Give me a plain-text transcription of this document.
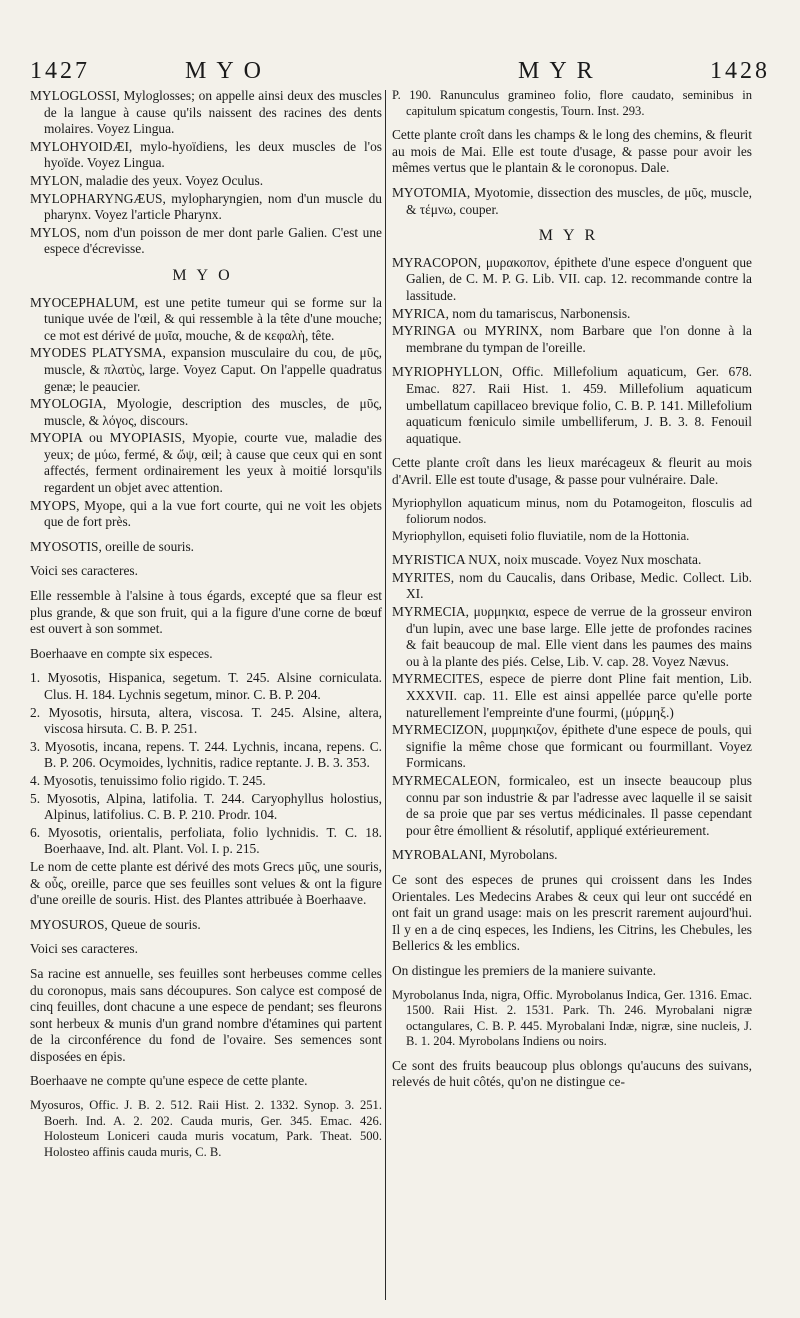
1427	MYO	MYR	1428

MYLOGLOSSI, Myloglosses; on appelle ainsi deux des muscles de la langue à cause qu'ils naissent des racines des dents molaires. Voyez Lingua.

MYLOHYOIDÆI, mylo-hyoïdiens, les deux muscles de l'os hyoïde. Voyez Lingua.

MYLON, maladie des yeux. Voyez Oculus.

MYLOPHARYNGÆUS, mylopharyngien, nom d'un muscle du pharynx. Voyez l'article Pharynx.

MYLOS, nom d'un poisson de mer dont parle Galien. C'est une espece d'écrevisse.

MYO

MYOCEPHALUM, est une petite tumeur qui se forme sur la tunique uvée de l'œil, & qui ressemble à la tête d'une mouche; ce mot est dérivé de μυῖα, mouche, & de κεφαλὴ, tête.

MYODES PLATYSMA, expansion musculaire du cou, de μῦς, muscle, & πλατὺς, large. Voyez Caput. On l'appelle quadratus genæ; le peaucier.

MYOLOGIA, Myologie, description des muscles, de μῦς, muscle, & λόγος, discours.

MYOPIA ou MYOPIASIS, Myopie, courte vue, maladie des yeux; de μύω, fermé, & ὤψ, œil; à cause que ceux qui en sont affectés, ferment ordinairement les yeux à moitié lorsqu'ils regardent un objet avec attention.

MYOPS, Myope, qui a la vue fort courte, qui ne voit les objets que de fort près.

MYOSOTIS, oreille de souris.

Voici ses caracteres.

Elle ressemble à l'alsine à tous égards, excepté que sa fleur est plus grande, & que son fruit, qui a la figure d'une corne de bœuf est ouvert à son sommet.

Boerhaave en compte six especes.

1. Myosotis, Hispanica, segetum. T. 245. Alsine corniculata. Clus. H. 184. Lychnis segetum, minor. C. B. P. 204.

2. Myosotis, hirsuta, altera, viscosa. T. 245. Alsine, altera, viscosa hirsuta. C. B. P. 251.

3. Myosotis, incana, repens. T. 244. Lychnis, incana, repens. C. B. P. 206. Ocymoides, lychnitis, radice reptante. J. B. 3. 353.

4. Myosotis, tenuissimo folio rigido. T. 245.

5. Myosotis, Alpina, latifolia. T. 244. Caryophyllus holostius, Alpinus, latifolius. C. B. P. 210. Prodr. 104.

6. Myosotis, orientalis, perfoliata, folio lychnidis. T. C. 18. Boerhaave, Ind. alt. Plant. Vol. I. p. 215.

Le nom de cette plante est dérivé des mots Grecs μῦς, une souris, & οὖς, oreille, parce que ses feuilles sont velues & ont la figure d'une oreille de souris. Hist. des Plantes attribuée à Boerhaave.

MYOSUROS, Queue de souris.

Voici ses caracteres.

Sa racine est annuelle, ses feuilles sont herbeuses comme celles du coronopus, mais sans découpures. Son calyce est composé de cinq feuilles, dont chacune a une espece de pendant; ses fleurons sont herbeux & munis d'un grand nombre d'étamines qui partent de la circonférence du fond de l'ovaire. Ses semences sont disposées en épis.

Boerhaave ne compte qu'une espece de cette plante.

Myosuros, Offic. J. B. 2. 512. Raii Hist. 2. 1332. Synop. 3. 251. Boerh. Ind. A. 2. 202. Cauda muris, Ger. 345. Emac. 426. Holosteum Loniceri cauda muris vocatum, Park. Theat. 500. Holosteo affinis cauda muris, C. B.

P. 190. Ranunculus gramineo folio, flore caudato, seminibus in capitulum spicatum congestis, Tourn. Inst. 293.

Cette plante croît dans les champs & le long des chemins, & fleurit au mois de Mai. Elle est toute d'usage, & passe pour avoir les mêmes vertus que le plantain & le coronopus. Dale.

MYOTOMIA, Myotomie, dissection des muscles, de μῦς, muscle, & τέμνω, couper.

MYR

MYRACOPON, μυρακοπον, épithete d'une espece d'onguent que Galien, de C. M. P. G. Lib. VII. cap. 12. recommande contre la lassitude.

MYRICA, nom du tamariscus, Narbonensis.

MYRINGA ou MYRINX, nom Barbare que l'on donne à la membrane du tympan de l'oreille.

MYRIOPHYLLON, Offic. Millefolium aquaticum, Ger. 678. Emac. 827. Raii Hist. 1. 459. Millefolium aquaticum umbellatum capillaceo brevique folio, C. B. P. 141. Millefolium aquaticum fœniculo simile umbelliferum, J. B. 3. 8. Fenouil aquatique.

Cette plante croît dans les lieux marécageux & fleurit au mois d'Avril. Elle est toute d'usage, & passe pour vulnéraire. Dale.

Myriophyllon aquaticum minus, nom du Potamogeiton, flosculis ad foliorum nodos.

Myriophyllon, equiseti folio fluviatile, nom de la Hottonia.

MYRISTICA NUX, noix muscade. Voyez Nux moschata.

MYRITES, nom du Caucalis, dans Oribase, Medic. Collect. Lib. XI.

MYRMECIA, μυρμηκια, espece de verrue de la grosseur environ d'un lupin, avec une base large. Elle jette de profondes racines & fait beaucoup de mal. Elle vient dans les paumes des mains ou à la plante des piés. Celse, Lib. V. cap. 28. Voyez Nævus.

MYRMECITES, espece de pierre dont Pline fait mention, Lib. XXXVII. cap. 11. Elle est ainsi appellée parce qu'elle porte naturellement l'empreinte d'une fourmi, (μύρμηξ.)

MYRMECIZON, μυρμηκιζον, épithete d'une espece de pouls, qui signifie la même chose que formicant ou fourmillant. Voyez Formicans.

MYRMECALEON, formicaleo, est un insecte beaucoup plus connu par son industrie & par l'adresse avec laquelle il se saisit de sa proie que par ses vertus médicinales. Il passe cependant pour être émollient & résolutif, appliqué extérieurement.

MYROBALANI, Myrobolans.

Ce sont des especes de prunes qui croissent dans les Indes Orientales. Les Medecins Arabes & ceux qui leur ont succédé en ont fait un grand usage: mais on les prescrit rarement aujourd'hui. Il y en a de cinq especes, les Indiens, les Citrins, les Chebules, les Bellerics & les emblics.

On distingue les premiers de la maniere suivante.

Myrobolanus Inda, nigra, Offic. Myrobolanus Indica, Ger. 1316. Emac. 1500. Raii Hist. 2. 1531. Park. Th. 246. Myrobalani nigræ octangulares, C. B. P. 445. Myrobalani Indæ, nigræ, sine nucleis, J. B. 1. 204. Myrobolans Indiens ou noirs.

Ce sont des fruits beaucoup plus oblongs qu'aucuns des suivans, relevés de huit côtés, qu'on ne distingue ce-
